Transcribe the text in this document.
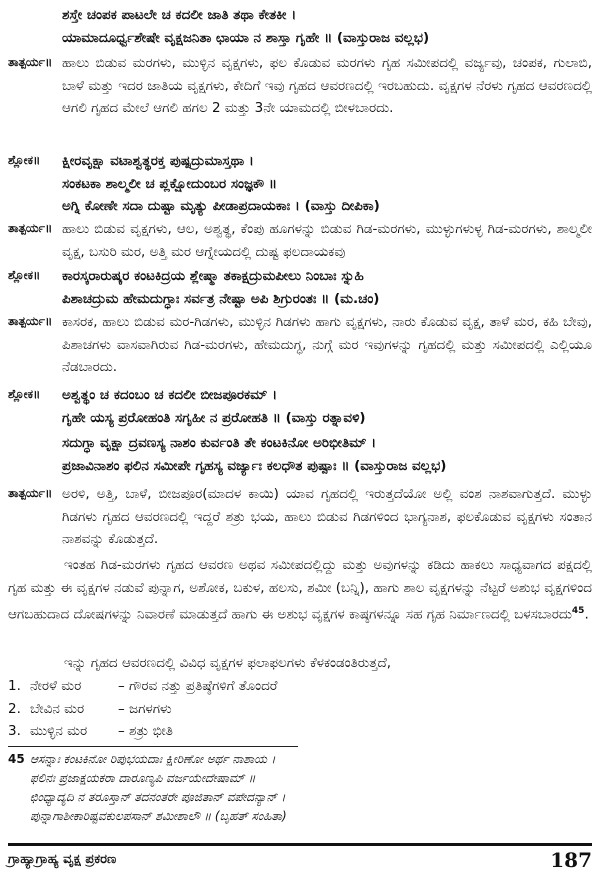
ಶಸ್ತೇ ಚಂಪಕ ಪಾಟಲೇ ಚ ಕದಲೀ ಜಾತಿ ತಥಾ ಕೇತಕೀ ।
ಯಾಮಾದೂರ್ಧ್ವಶೇಷೇ ವೃಕ್ಷಜನಿತಾ ಛಾಯಾ ನ ಶಾಸ್ತಾ ಗೃಹೇ ॥ (ವಾಸ್ತುರಾಜ ವಲ್ಲಭ)
ತಾತ್ಪರ್ಯ॥ ಹಾಲು ಬಿಡುವ ಮರಗಳು, ಮುಳ್ಳಿನ ವೃಕ್ಷಗಳು, ಫಲ ಕೊಡುವ ಮರಗಳು ಗೃಹ ಸಮೀಪದಲ್ಲಿ ವರ್ಜ್ಯವು, ಚಂಪಕ, ಗುಲಾಬಿ, ಬಾಳೆ ಮತ್ತು ಇದರ ಜಾತಿಯ ವೃಕ್ಷಗಳು, ಕೇದಿಗೆ ಇವು ಗೃಹದ ಆವರಣದಲ್ಲಿ ಇರಬಹುದು. ವೃಕ್ಷಗಳ ನೆರಳು ಗೃಹದ ಆವರಣದಲ್ಲಿ ಆಗಲಿ ಗೃಹದ ಮೇಲೆ ಆಗಲಿ ಹಗಲ 2 ಮತ್ತು 3ನೇ ಯಾಮದಲ್ಲಿ ಬೀಳಬಾರದು.
ಶ್ಲೋಕ॥ ಕ್ಷೀರವೃಕ್ಷಾ ವಟಾಶ್ವತ್ಥರಕ್ತ ಪುಷ್ಪದ್ರುಮಾಸ್ತಥಾ ।
ಸಂಕಟಕಾ ಶಾಲ್ಮಲೀ ಚ ಪ್ಲಕ್ಷೋದುಂಬರ ಸಂಜ್ಞಕೌ ॥
ಅಗ್ನಿ ಕೋಣೇ ಸದಾ ದುಷ್ಟಾ ಮೃತ್ಯು ಪೀಡಾಪ್ರದಾಯಕಾಃ । (ವಾಸ್ತು ದೀಪಿಕಾ)
ತಾತ್ಪರ್ಯ॥ ಹಾಲು ಬಿಡುವ ವೃಕ್ಷಗಳು, ಆಲ, ಅಶ್ವತ್ಥ, ಕೆಂಪು ಹೂಗಳನ್ನು ಬಿಡುವ ಗಿಡ-ಮರಗಳು, ಮುಳ್ಳುಗಳುಳ್ಳ ಗಿಡ-ಮರಗಳು, ಶಾಲ್ಮಲೀ ವೃಕ್ಷ, ಬಸುರಿ ಮರ, ಅತ್ತಿ ಮರ ಆಗ್ನೇಯದಲ್ಲಿ ದುಷ್ಟ ಫಲದಾಯಕವು
ಶ್ಲೋಕ॥ ಕಾರಸ್ಕರಾರುಷ್ಕರ ಕಂಟಕಿದ್ರಯ ಶ್ಲೇಷ್ಮಾ ತಕಾಕ್ಷದ್ರುಮಪೀಲು ನಿಂಬಾಃ ಸ್ನುಹಿ
ಪಿಶಾಚದ್ರುಮ ಹೇಮದುಗ್ಧಾಃ ಸರ್ವತ್ರ ನೇಷ್ಟಾ ಅಪಿ ಶಿಗ್ರುರಂತಃ ॥ (ಮ.ಚಂ)
ತಾತ್ಪರ್ಯ॥ ಕಾಸರಕ, ಹಾಲು ಬಿಡುವ ಮರ-ಗಿಡಗಳು, ಮುಳ್ಳಿನ ಗಿಡಗಳು ಹಾಗು ವೃಕ್ಷಗಳು, ನಾರು ಕೊಡುವ ವೃಕ್ಷ, ತಾಳೆ ಮರ, ಕಹಿ ಬೇವು, ಪಿಶಾಚಗಳು ವಾಸವಾಗಿರುವ ಗಿಡ-ಮರಗಳು, ಹೇಮದುಗ್ಧ, ನುಗ್ಗೆ ಮರ ಇವುಗಳನ್ನು ಗೃಹದಲ್ಲಿ ಮತ್ತು ಸಮೀಪದಲ್ಲಿ ಎಲ್ಲಿಯೂ ನೆಡಬಾರದು.
ಶ್ಲೋಕ॥ ಅಶ್ವತ್ಥಂ ಚ ಕದಂಬಂ ಚ ಕದಲೀ ಬೀಜಪೂರಕಮ್ ।
ಗೃಹೇ ಯಸ್ಯ ಪ್ರರೋಹಂತಿ ಸಗೃಹೀ ನ ಪ್ರರೋಹತಿ ॥ (ವಾಸ್ತು ರತ್ನಾವಳಿ)
ಸದುಗ್ಧಾ ವೃಕ್ಷಾ ದ್ರವಣಸ್ಯ ನಾಶಂ ಕುರ್ವಂತಿ ತೇ ಕಂಟಕಿನೋ ಅರಿಭೀತಿಮ್ ।
ಪ್ರಜಾವಿನಾಶಂ ಫಲಿನ ಸಮೀಪೇ ಗೃಹಸ್ಯ ವರ್ಜ್ಯಾಃ ಕಲಧೌತ ಪುಷ್ಪಾಃ ॥ (ವಾಸ್ತುರಾಜ ವಲ್ಲಭ)
ತಾತ್ಪರ್ಯ॥ ಅರಳಿ, ಅತ್ತಿ, ಬಾಳೆ, ಬೀಜಪೂರ(ಮಾದಳ ಕಾಯಿ) ಯಾವ ಗೃಹದಲ್ಲಿ ಇರುತ್ತದೆಯೋ ಅಲ್ಲಿ ವಂಶ ನಾಶವಾಗುತ್ತದೆ. ಮುಳ್ಳು ಗಿಡಗಳು ಗೃಹದ ಆವರಣದಲ್ಲಿ ಇದ್ದರೆ ಶತ್ರು ಭಯ, ಹಾಲು ಬಿಡುವ ಗಿಡಗಳಿಂದ ಭಾಗ್ಯನಾಶ, ಫಲಕೊಡುವ ವೃಕ್ಷಗಳು ಸಂತಾನ ನಾಶವನ್ನು ಕೊಡುತ್ತದೆ.
ಇಂತಹ ಗಿಡ-ಮರಗಳು ಗೃಹದ ಆವರಣ ಅಥವ ಸಮೀಪದಲ್ಲಿದ್ದು ಮತ್ತು ಅವುಗಳನ್ನು ಕಡಿದು ಹಾಕಲು ಸಾಧ್ಯವಾಗದ ಪಕ್ಷದಲ್ಲಿ ಗೃಹ ಮತ್ತು ಈ ವೃಕ್ಷಗಳ ನಡುವೆ ಪುನ್ನಾಗ, ಅಶೋಕ, ಬಕುಳ, ಹಲಸು, ಶಮೀ (ಬನ್ನಿ), ಹಾಗು ಶಾಲ ವೃಕ್ಷಗಳನ್ನು ನೆಟ್ಟರೆ ಅಶುಭ ವೃಕ್ಷಗಳಿಂದ ಆಗಬಹುದಾದ ದೋಷಗಳನ್ನು ನಿವಾರಣೆ ಮಾಡುತ್ತದೆ ಹಾಗು ಈ ಅಶುಭ ವೃಕ್ಷಗಳ ಕಾಷ್ಠಗಳನ್ನೂ ಸಹ ಗೃಹ ನಿರ್ಮಾಣದಲ್ಲಿ ಬಳಸಬಾರದು$^{45}$.
ಇನ್ನು ಗೃಹದ ಆವರಣದಲ್ಲಿ ವಿವಿಧ ವೃಕ್ಷಗಳ ಫಲಾಫಲಗಳು ಕೆಳಕಂಡಂತಿರುತ್ತದೆ,
1. ನೇರಳೆ ಮರ	– ಗೌರವ ನತ್ತು ಪ್ರತಿಷ್ಠೆಗಳಿಗೆ ತೊಂದರೆ
2. ಬೇವಿನ ಮರ	– ಜಗಳಗಳು
3. ಮುಳ್ಳಿನ ಮರ	– ಶತ್ರು ಭೀತಿ
45 ಆಸನ್ನಾಃ ಕಂಟಕಿನೋ ರಿಪುಭಯದಾಃ ಕ್ಷೀರಿಣೋ ಅರ್ಥ ನಾಶಾಯ ।
ಫಲಿನಃ ಪ್ರಜಾಕ್ಷಯಕರಾ ದಾರೂಣ್ಯಪಿ ವರ್ಜಯೇದೇಷಾಮ್ ॥
ಛಿಂಧ್ಯಾದ್ಯದಿ ನ ತರೂಸ್ತಾನ್ ತದನಂತರೇ ಪೂಜಿತಾನ್ ವಪೇದನ್ಯಾನ್ ।
ಪುನ್ನಾಗಾಶೀಕಾರಿಷ್ಟವಕುಲಪಸಾನ್ ಶಮೀಶಾಲೌ ॥ (ಬೃಹತ್ ಸಂಹಿತಾ)
ಗ್ರಾಹ್ಯಾಗ್ರಾಹ್ಯ ವೃಕ್ಷ ಪ್ರಕರಣ	187
